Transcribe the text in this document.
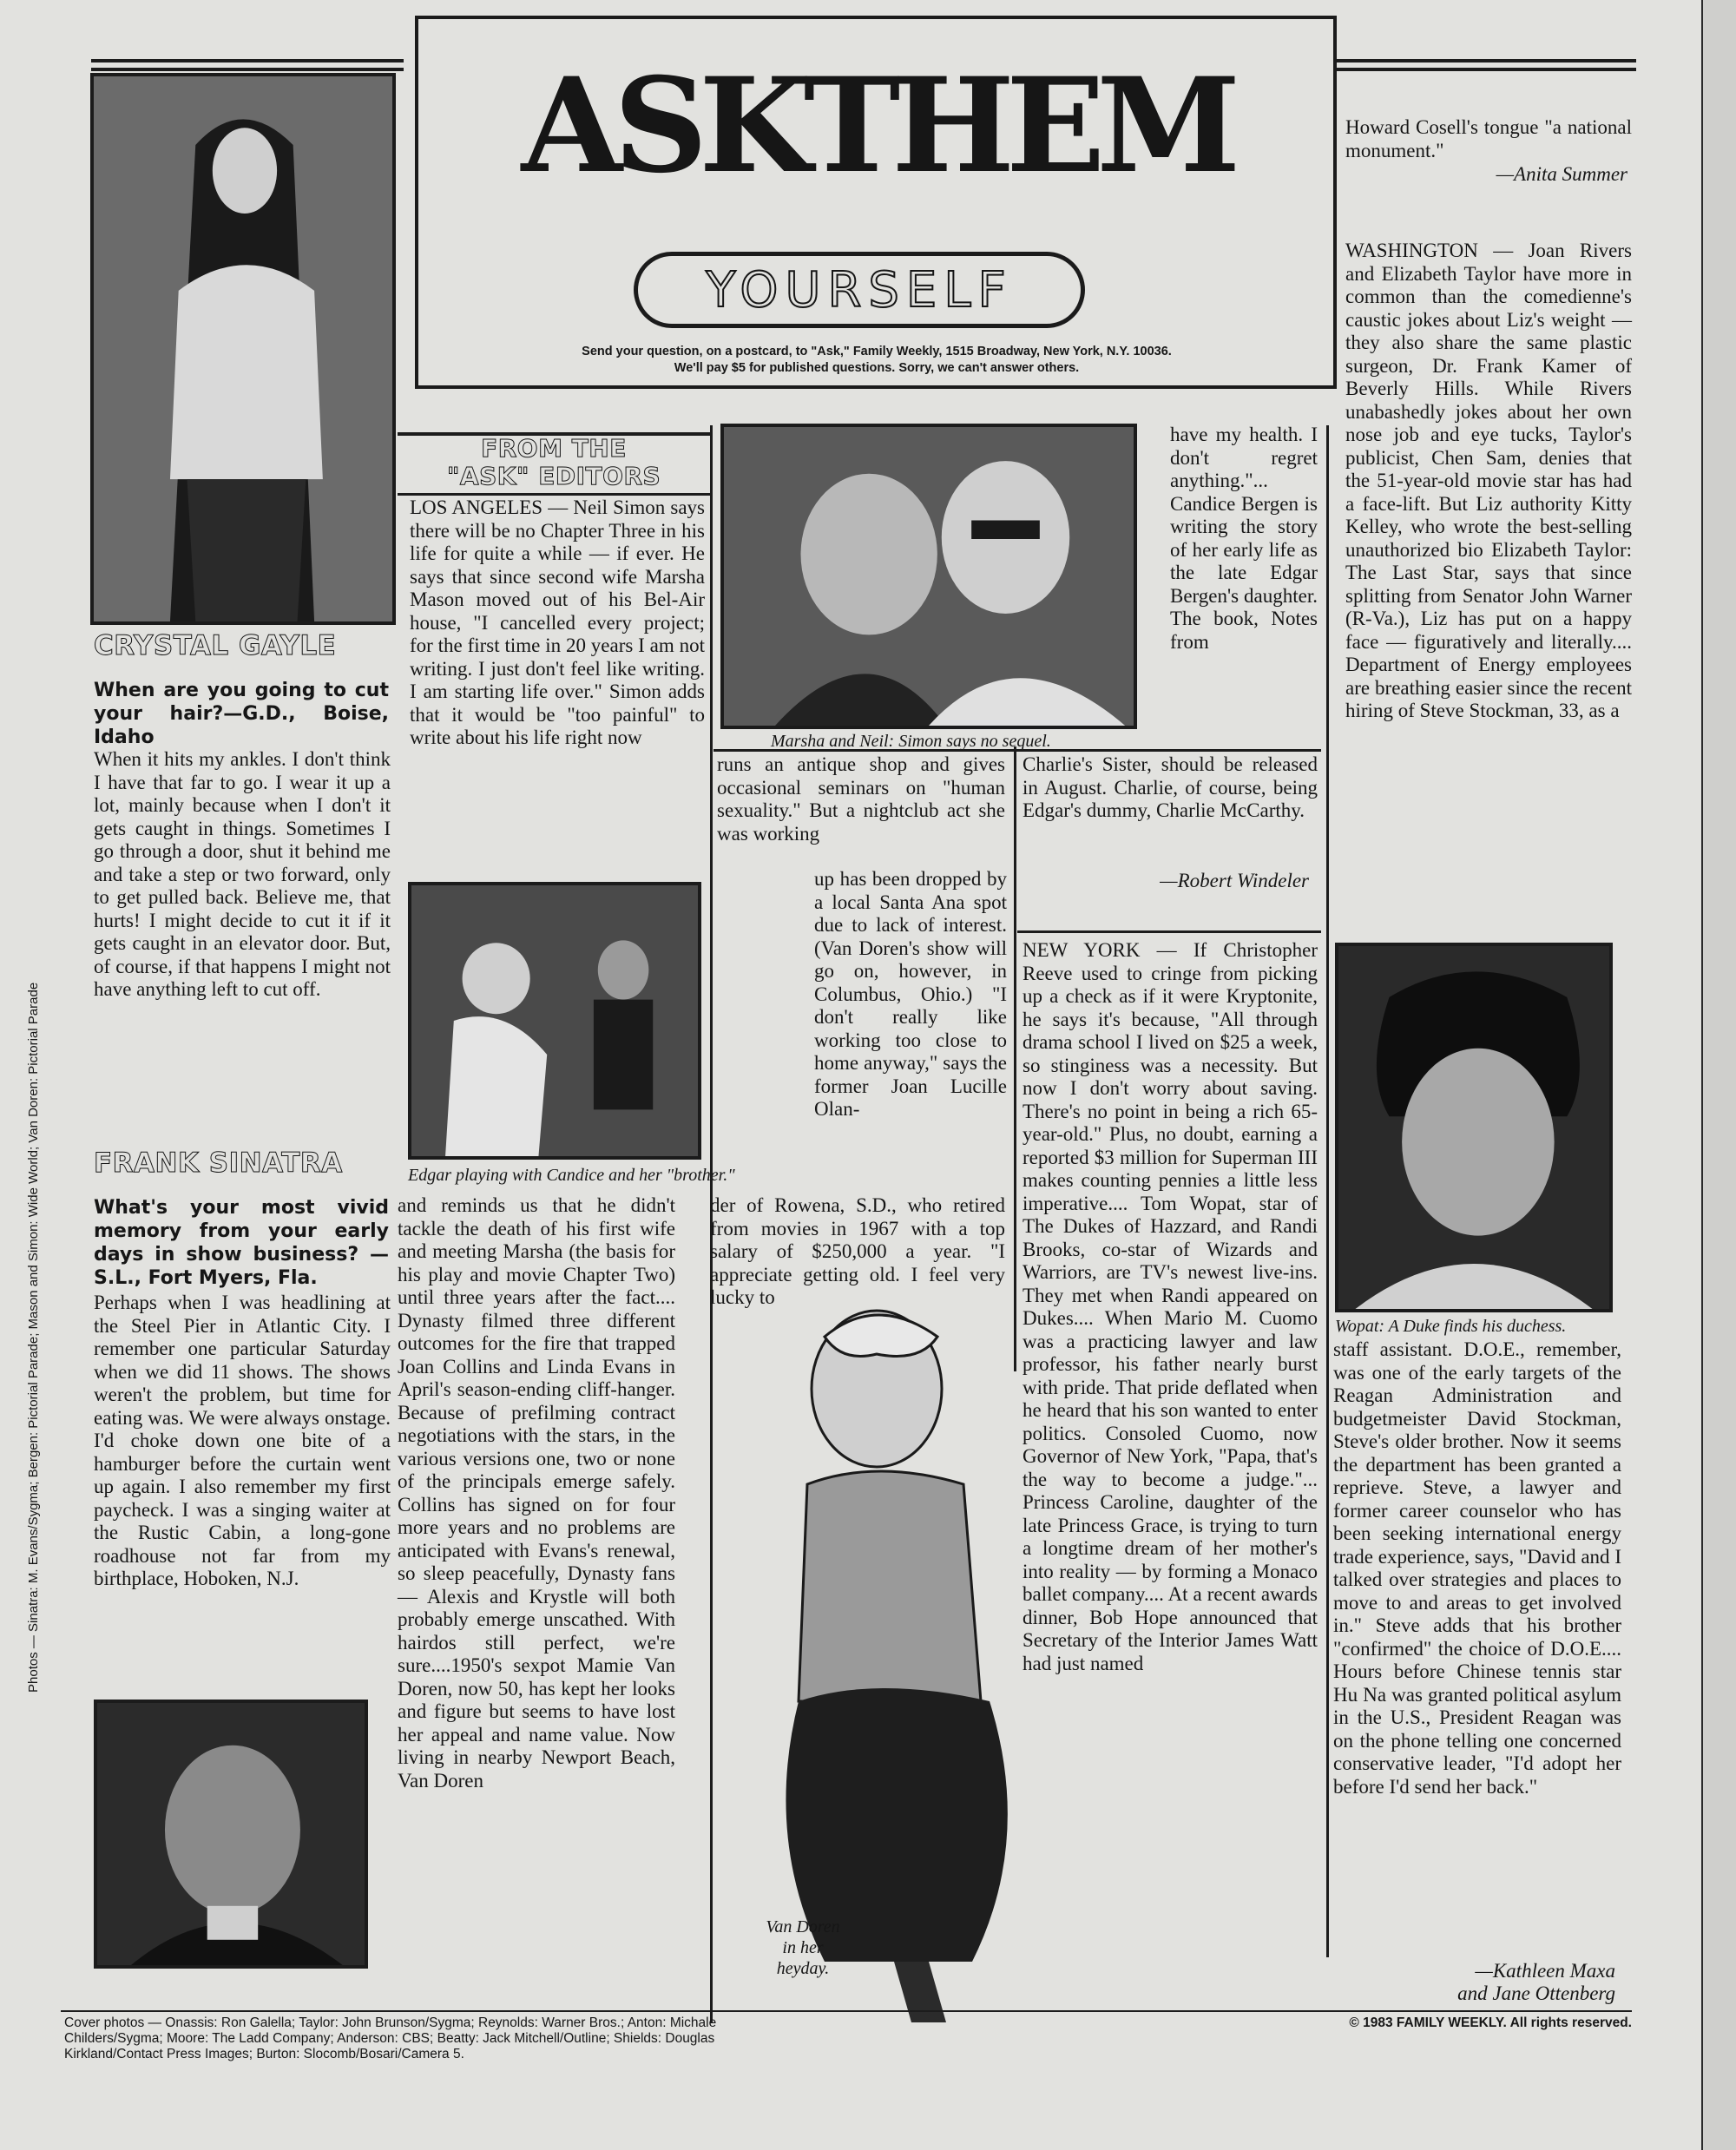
ASKTHEM
YOURSELF
Send your question, on a postcard, to "Ask," Family Weekly, 1515 Broadway, New York, N.Y. 10036.
We'll pay $5 for published questions. Sorry, we can't answer others.
CRYSTAL GAYLE
When are you going to cut your hair?—G.D., Boise, Idaho
When it hits my ankles. I don't think I have that far to go. I wear it up a lot, mainly because when I don't it gets caught in things. Sometimes I go through a door, shut it behind me and take a step or two forward, only to get pulled back. Believe me, that hurts! I might decide to cut it if it gets caught in an elevator door. But, of course, if that happens I might not have anything left to cut off.
FRANK SINATRA
What's your most vivid memory from your early days in show business? —S.L., Fort Myers, Fla.
Perhaps when I was headlining at the Steel Pier in Atlantic City. I remember one particular Saturday when we did 11 shows. The shows weren't the problem, but time for eating was. We were always onstage. I'd choke down one bite of a hamburger before the curtain went up again. I also remember my first paycheck. I was a singing waiter at the Rustic Cabin, a long-gone roadhouse not far from my birthplace, Hoboken, N.J.
Photos — Sinatra: M. Evans/Sygma; Bergen: Pictorial Parade; Mason and Simon: Wide World; Van Doren: Pictorial Parade
FROM THE
"ASK" EDITORS
LOS ANGELES — Neil Simon says there will be no Chapter Three in his life for quite a while — if ever. He says that since second wife Marsha Mason moved out of his Bel-Air house, "I cancelled every project; for the first time in 20 years I am not writing. I just don't feel like writing. I am starting life over." Simon adds that it would be "too painful" to write about his life right now
Edgar playing with Candice and her "brother."
and reminds us that he didn't tackle the death of his first wife and meeting Marsha (the basis for his play and movie Chapter Two) until three years after the fact.... Dynasty filmed three different outcomes for the fire that trapped Joan Collins and Linda Evans in April's season-ending cliff-hanger. Because of prefilming contract negotiations with the stars, in the various versions one, two or none of the principals emerge safely. Collins has signed on for four more years and no problems are anticipated with Evans's renewal, so sleep peacefully, Dynasty fans — Alexis and Krystle will both probably emerge unscathed. With hairdos still perfect, we're sure....1950's sexpot Mamie Van Doren, now 50, has kept her looks and figure but seems to have lost her appeal and name value. Now living in nearby Newport Beach, Van Doren
Marsha and Neil: Simon says no sequel.
runs an antique shop and gives occasional seminars on "human sexuality." But a nightclub act she was working
up has been dropped by a local Santa Ana spot due to lack of interest. (Van Doren's show will go on, however, in Columbus, Ohio.) "I don't really like working too close to home anyway," says the former Joan Lucille Olan-
der of Rowena, S.D., who retired from movies in 1967 with a top salary of $250,000 a year. "I appreciate getting old. I feel very lucky to
Van Doren in her heyday.
have my health. I don't regret anything."... Candice Bergen is writing the story of her early life as the late Edgar Bergen's daughter. The book, Notes from
Charlie's Sister, should be released in August. Charlie, of course, being Edgar's dummy, Charlie McCarthy.
—Robert Windeler
NEW YORK — If Christopher Reeve used to cringe from picking up a check as if it were Kryptonite, he says it's because, "All through drama school I lived on $25 a week, so stinginess was a necessity. But now I don't worry about saving. There's no point in being a rich 65-year-old." Plus, no doubt, earning a reported $3 million for Superman III makes counting pennies a little less imperative.... Tom Wopat, star of The Dukes of Hazzard, and Randi Brooks, co-star of Wizards and Warriors, are TV's newest live-ins. They met when Randi appeared on Dukes.... When Mario M. Cuomo was a practicing lawyer and law professor, his father nearly burst with pride. That pride deflated when he heard that his son wanted to enter politics. Consoled Cuomo, now Governor of New York, "Papa, that's the way to become a judge."... Princess Caroline, daughter of the late Princess Grace, is trying to turn a longtime dream of her mother's into reality — by forming a Monaco ballet company.... At a recent awards dinner, Bob Hope announced that Secretary of the Interior James Watt had just named
Howard Cosell's tongue "a national monument."
—Anita Summer
WASHINGTON — Joan Rivers and Elizabeth Taylor have more in common than the comedienne's caustic jokes about Liz's weight — they also share the same plastic surgeon, Dr. Frank Kamer of Beverly Hills. While Rivers unabashedly jokes about her own nose job and eye tucks, Taylor's publicist, Chen Sam, denies that the 51-year-old movie star has had a face-lift. But Liz authority Kitty Kelley, who wrote the best-selling unauthorized bio Elizabeth Taylor: The Last Star, says that since splitting from Senator John Warner (R-Va.), Liz has put on a happy face — figuratively and literally.... Department of Energy employees are breathing easier since the recent hiring of Steve Stockman, 33, as a
Wopat: A Duke finds his duchess.
staff assistant. D.O.E., remember, was one of the early targets of the Reagan Administration and budgetmeister David Stockman, Steve's older brother. Now it seems the department has been granted a reprieve. Steve, a lawyer and former career counselor who has been seeking international energy trade experience, says, "David and I talked over strategies and places to move to and areas to get involved in." Steve adds that his brother "confirmed" the choice of D.O.E.... Hours before Chinese tennis star Hu Na was granted political asylum in the U.S., President Reagan was on the phone telling one concerned conservative leader, "I'd adopt her before I'd send her back."
—Kathleen Maxa
and Jane Ottenberg
Cover photos — Onassis: Ron Galella; Taylor: John Brunson/Sygma; Reynolds: Warner Bros.; Anton: Michale Childers/Sygma; Moore: The Ladd Company; Anderson: CBS; Beatty: Jack Mitchell/Outline; Shields: Douglas Kirkland/Contact Press Images; Burton: Slocomb/Bosari/Camera 5.
© 1983 FAMILY WEEKLY. All rights reserved.
